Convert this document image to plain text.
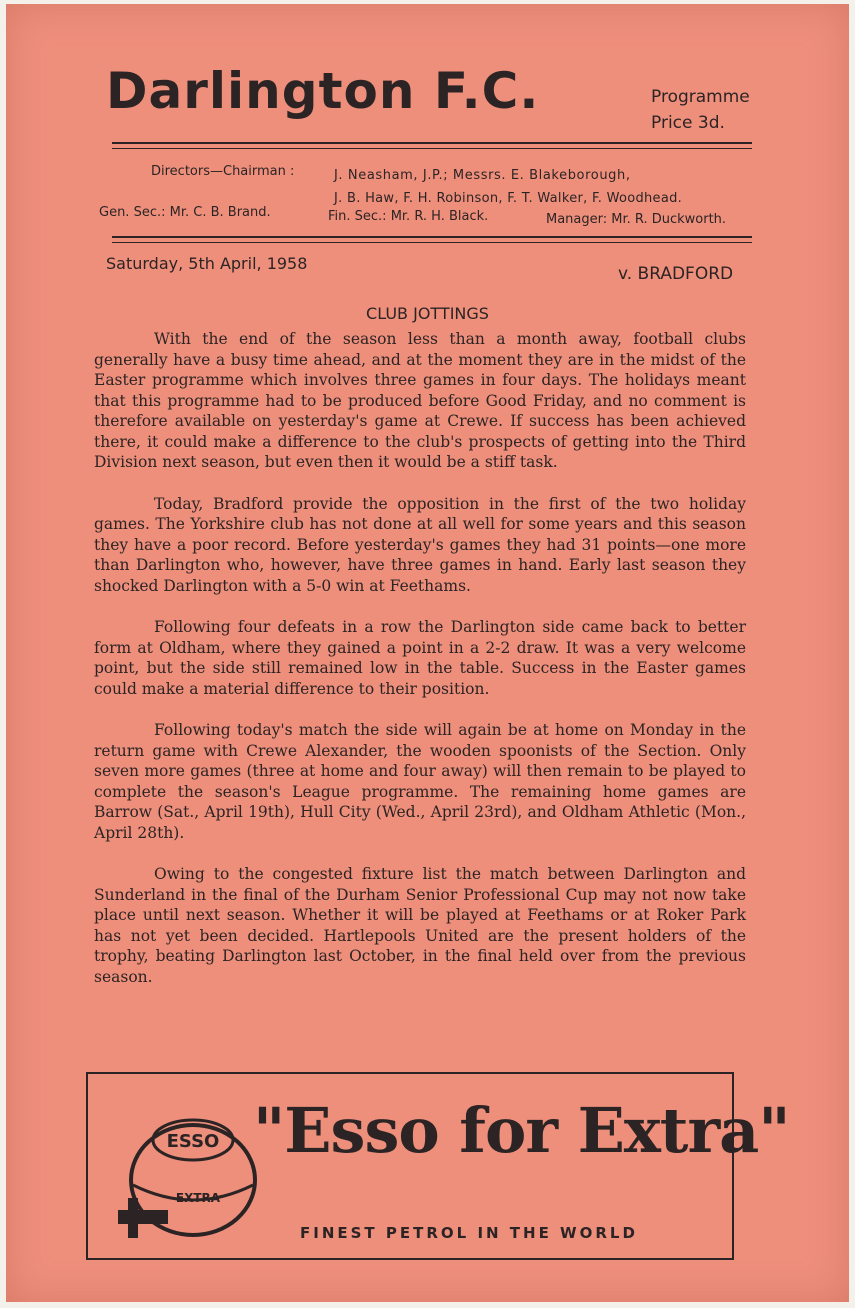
Darlington F.C.	Programme
Price 3d.
Directors—Chairman :	J. Neasham, J.P.; Messrs. E. Blakeborough,
J. B. Haw, F. H. Robinson, F. T. Walker, F. Woodhead.
Gen. Sec.: Mr. C. B. Brand.	Fin. Sec.: Mr. R. H. Black.	Manager: Mr. R. Duckworth.
Saturday, 5th April, 1958
v. BRADFORD
CLUB JOTTINGS

With the end of the season less than a month away, football clubs generally have a busy time ahead, and at the moment they are in the midst of the Easter programme which involves three games in four days. The holidays meant that this programme had to be produced before Good Friday, and no comment is therefore available on yesterday's game at Crewe. If success has been achieved there, it could make a difference to the club's prospects of getting into the Third Division next season, but even then it would be a stiff task.

Today, Bradford provide the opposition in the first of the two holiday games. The Yorkshire club has not done at all well for some years and this season they have a poor record. Before yesterday's games they had 31 points—one more than Darlington who, however, have three games in hand. Early last season they shocked Darlington with a 5-0 win at Feethams.

Following four defeats in a row the Darlington side came back to better form at Oldham, where they gained a point in a 2-2 draw. It was a very welcome point, but the side still remained low in the table. Success in the Easter games could make a material difference to their position.

Following today's match the side will again be at home on Monday in the return game with Crewe Alexander, the wooden spoonists of the Section. Only seven more games (three at home and four away) will then remain to be played to complete the season's League programme. The remaining home games are Barrow (Sat., April 19th), Hull City (Wed., April 23rd), and Oldham Athletic (Mon., April 28th).

Owing to the congested fixture list the match between Darlington and Sunderland in the final of the Durham Senior Professional Cup may not now take place until next season. Whether it will be played at Feethams or at Roker Park has not yet been decided. Hartlepools United are the present holders of the trophy, beating Darlington last October, in the final held over from the previous season.

ESSO
EXTRA
"Esso for Extra"
FINEST PETROL IN THE WORLD
